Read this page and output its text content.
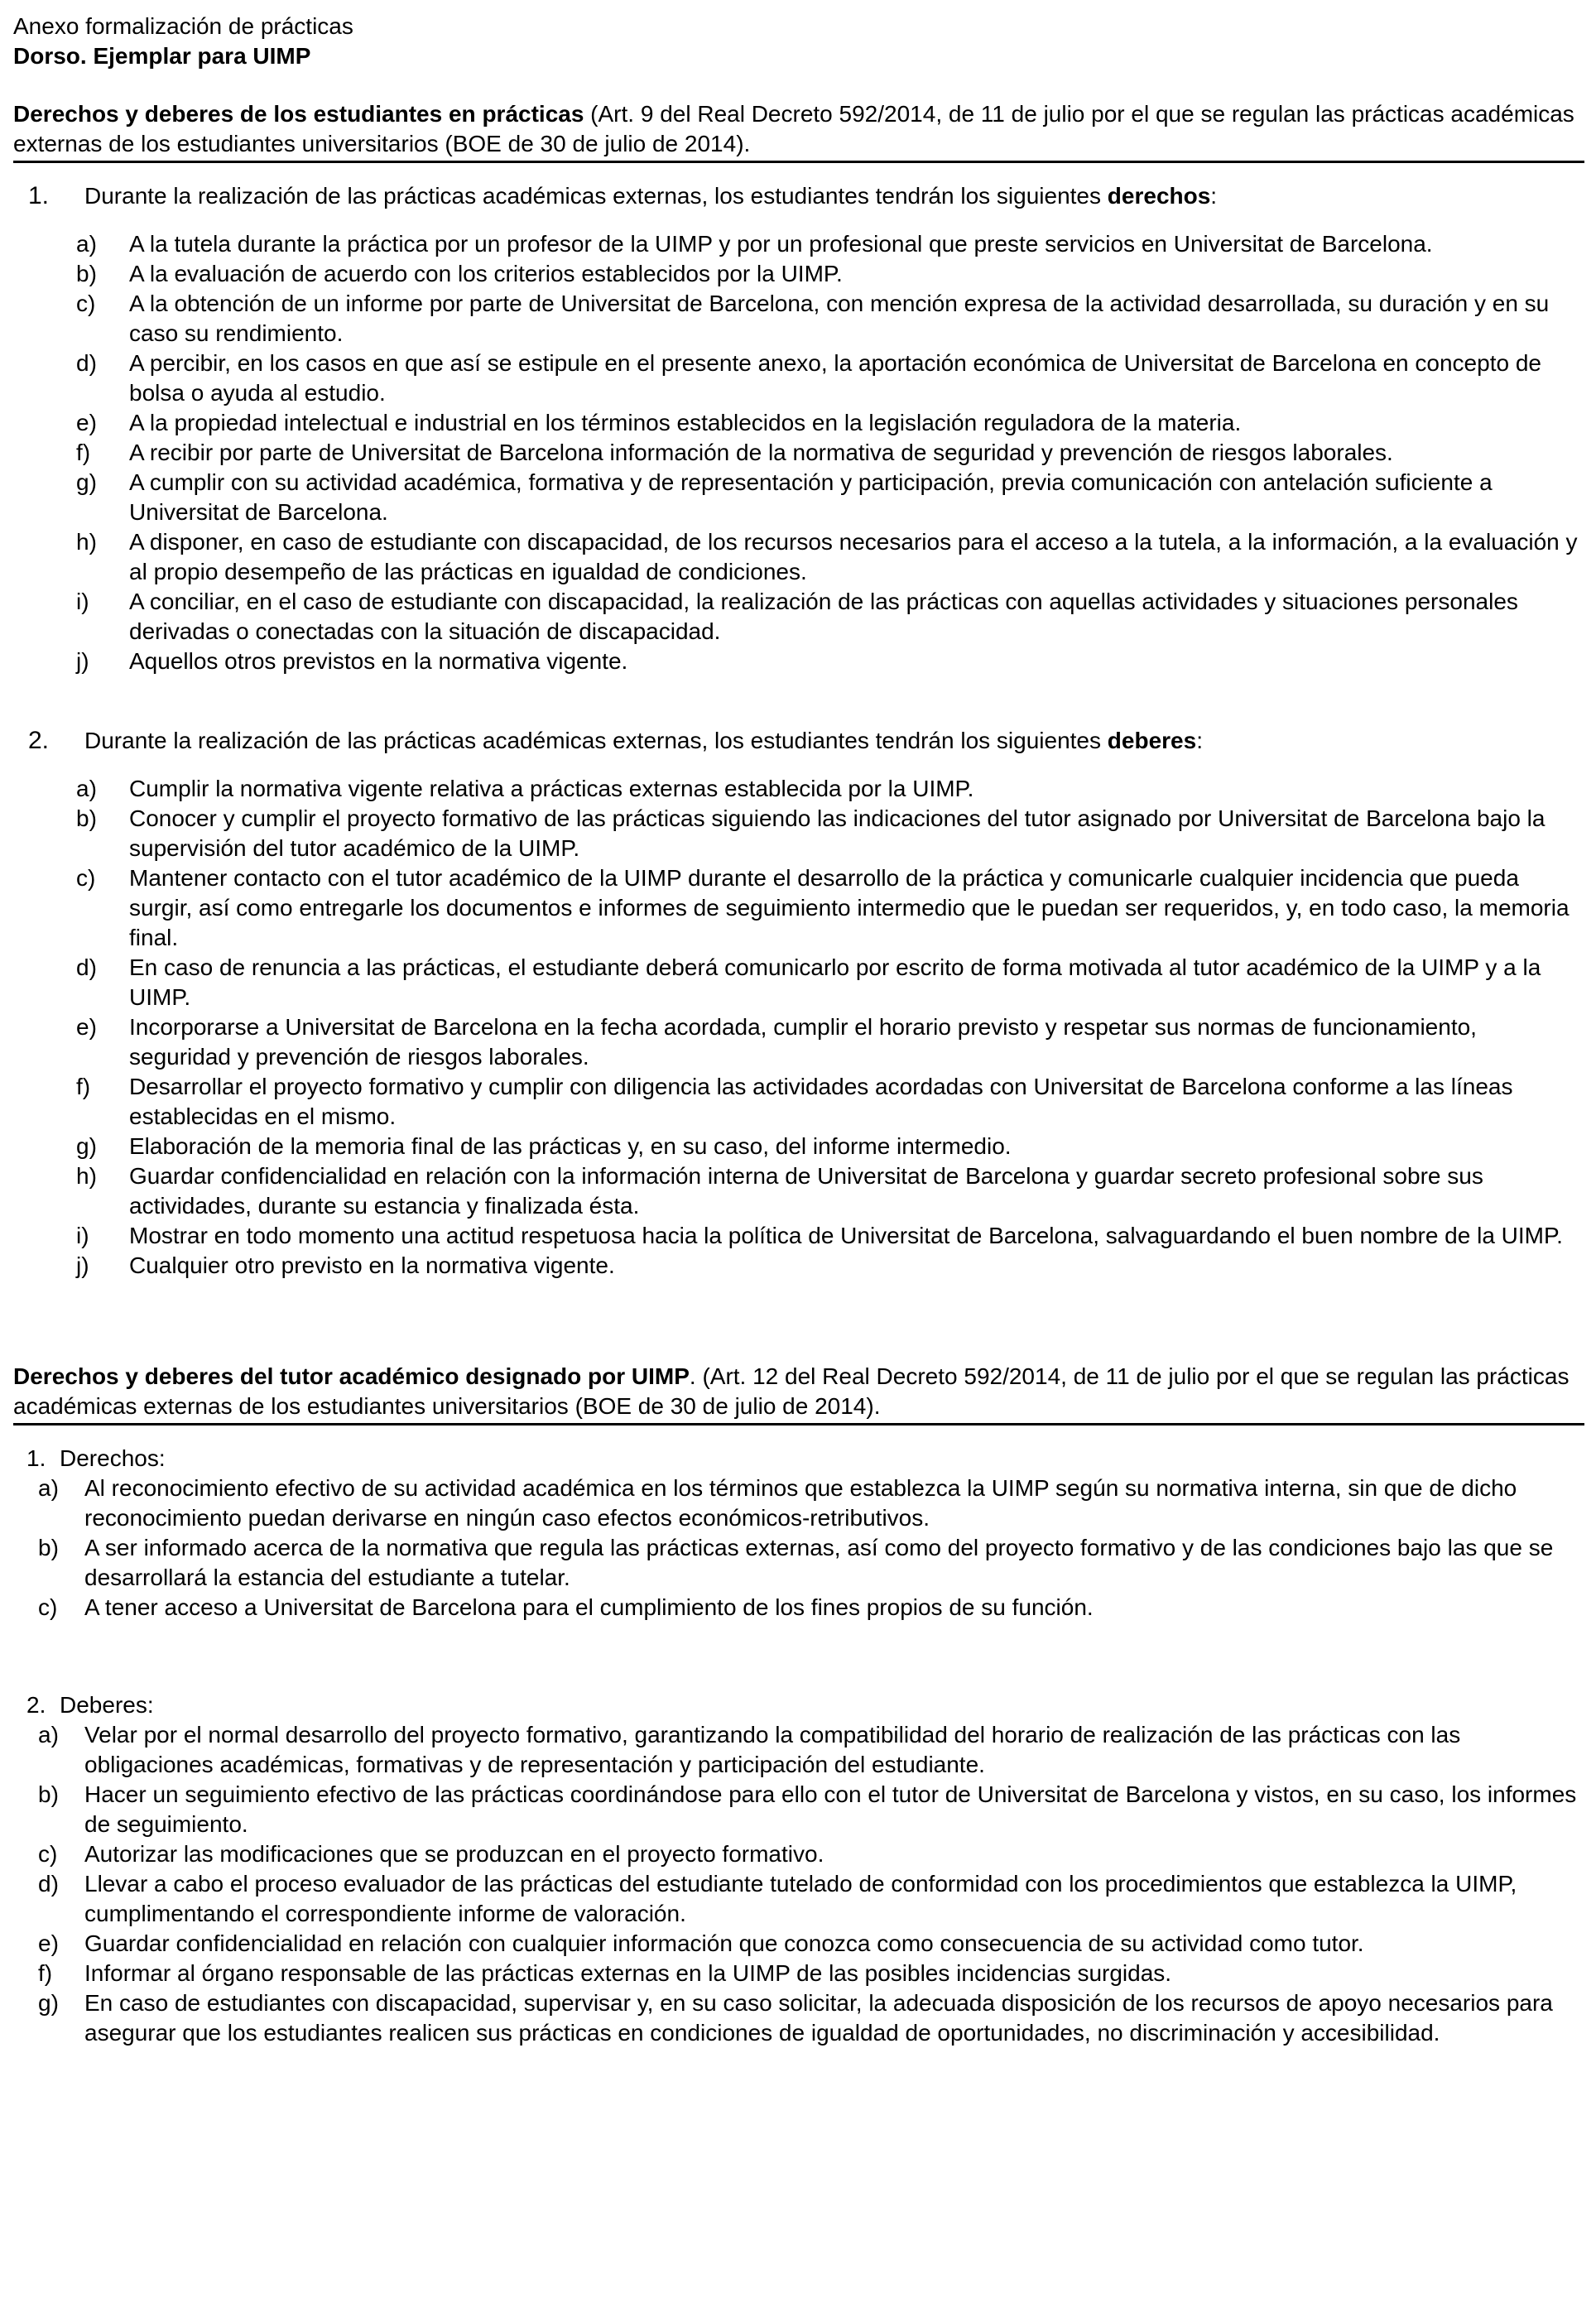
Anexo formalización de prácticas
Dorso. Ejemplar para UIMP
Derechos y deberes de los estudiantes en prácticas (Art. 9 del Real Decreto 592/2014, de 11 de julio por el que se regulan las prácticas académicas externas de los estudiantes universitarios (BOE de 30 de julio de 2014).
1. Durante la realización de las prácticas académicas externas, los estudiantes tendrán los siguientes derechos:
a) A la tutela durante la práctica por un profesor de la UIMP y por un profesional que preste servicios en Universitat de Barcelona.
b) A la evaluación de acuerdo con los criterios establecidos por la UIMP.
c) A la obtención de un informe por parte de Universitat de Barcelona, con mención expresa de la actividad desarrollada, su duración y en su caso su rendimiento.
d) A percibir, en los casos en que así se estipule en el presente anexo, la aportación económica de Universitat de Barcelona en concepto de bolsa o ayuda al estudio.
e) A la propiedad intelectual e industrial en los términos establecidos en la legislación reguladora de la materia.
f) A recibir por parte de Universitat de Barcelona información de la normativa de seguridad y prevención de riesgos laborales.
g) A cumplir con su actividad académica, formativa y de representación y participación, previa comunicación con antelación suficiente a Universitat de Barcelona.
h) A disponer, en caso de estudiante con discapacidad, de los recursos necesarios para el acceso a la tutela, a la información, a la evaluación y al propio desempeño de las prácticas en igualdad de condiciones.
i) A conciliar, en el caso de estudiante con discapacidad, la realización de las prácticas con aquellas actividades y situaciones personales derivadas o conectadas con la situación de discapacidad.
j) Aquellos otros previstos en la normativa vigente.
2. Durante la realización de las prácticas académicas externas, los estudiantes tendrán los siguientes deberes:
a) Cumplir la normativa vigente relativa a prácticas externas establecida por la UIMP.
b) Conocer y cumplir el proyecto formativo de las prácticas siguiendo las indicaciones del tutor asignado por Universitat de Barcelona bajo la supervisión del tutor académico de la UIMP.
c) Mantener contacto con el tutor académico de la UIMP durante el desarrollo de la práctica y comunicarle cualquier incidencia que pueda surgir, así como entregarle los documentos e informes de seguimiento intermedio que le puedan ser requeridos, y, en todo caso, la memoria final.
d) En caso de renuncia a las prácticas, el estudiante deberá comunicarlo por escrito de forma motivada al tutor académico de la UIMP y a la UIMP.
e) Incorporarse a Universitat de Barcelona en la fecha acordada, cumplir el horario previsto y respetar sus normas de funcionamiento, seguridad y prevención de riesgos laborales.
f) Desarrollar el proyecto formativo y cumplir con diligencia las actividades acordadas con Universitat de Barcelona conforme a las líneas establecidas en el mismo.
g) Elaboración de la memoria final de las prácticas y, en su caso, del informe intermedio.
h) Guardar confidencialidad en relación con la información interna de Universitat de Barcelona y guardar secreto profesional sobre sus actividades, durante su estancia y finalizada ésta.
i) Mostrar en todo momento una actitud respetuosa hacia la política de Universitat de Barcelona, salvaguardando el buen nombre de la UIMP.
j) Cualquier otro previsto en la normativa vigente.
Derechos y deberes del tutor académico designado por UIMP. (Art. 12 del Real Decreto 592/2014, de 11 de julio por el que se regulan las prácticas académicas externas de los estudiantes universitarios (BOE de 30 de julio de 2014).
1. Derechos:
a) Al reconocimiento efectivo de su actividad académica en los términos que establezca la UIMP según su normativa interna, sin que de dicho reconocimiento puedan derivarse en ningún caso efectos económicos-retributivos.
b) A ser informado acerca de la normativa que regula las prácticas externas, así como del proyecto formativo y de las condiciones bajo las que se desarrollará la estancia del estudiante a tutelar.
c) A tener acceso a Universitat de Barcelona para el cumplimiento de los fines propios de su función.
2. Deberes:
a) Velar por el normal desarrollo del proyecto formativo, garantizando la compatibilidad del horario de realización de las prácticas con las obligaciones académicas, formativas y de representación y participación del estudiante.
b) Hacer un seguimiento efectivo de las prácticas coordinándose para ello con el tutor de Universitat de Barcelona y vistos, en su caso, los informes de seguimiento.
c) Autorizar las modificaciones que se produzcan en el proyecto formativo.
d) Llevar a cabo el proceso evaluador de las prácticas del estudiante tutelado de conformidad con los procedimientos que establezca la UIMP, cumplimentando el correspondiente informe de valoración.
e) Guardar confidencialidad en relación con cualquier información que conozca como consecuencia de su actividad como tutor.
f) Informar al órgano responsable de las prácticas externas en la UIMP de las posibles incidencias surgidas.
g) En caso de estudiantes con discapacidad, supervisar y, en su caso solicitar, la adecuada disposición de los recursos de apoyo necesarios para asegurar que los estudiantes realicen sus prácticas en condiciones de igualdad de oportunidades, no discriminación y accesibilidad.
